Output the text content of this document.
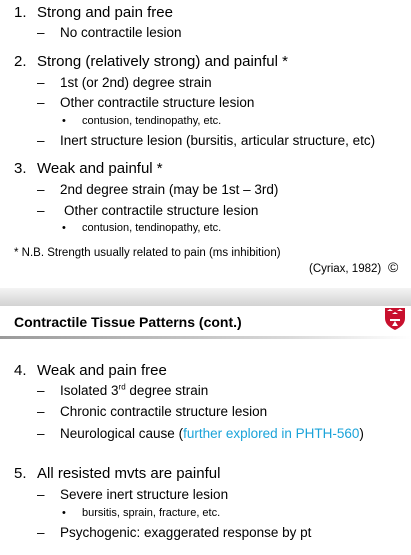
1. Strong and pain free
– No contractile lesion
2. Strong (relatively strong) and painful *
– 1st (or 2nd) degree strain
– Other contractile structure lesion
• contusion, tendinopathy, etc.
– Inert structure lesion (bursitis, articular structure, etc)
3. Weak and painful *
– 2nd degree strain (may be 1st – 3rd)
– Other contractile structure lesion
• contusion, tendinopathy, etc.
* N.B. Strength usually related to pain (ms inhibition)
(Cyriax, 1982) ©
Contractile Tissue Patterns (cont.)
4. Weak and pain free
– Isolated 3rd degree strain
– Chronic contractile structure lesion
– Neurological cause (further explored in PHTH-560)
5. All resisted mvts are painful
– Severe inert structure lesion
• bursitis, sprain, fracture, etc.
– Psychogenic: exaggerated response by pt
